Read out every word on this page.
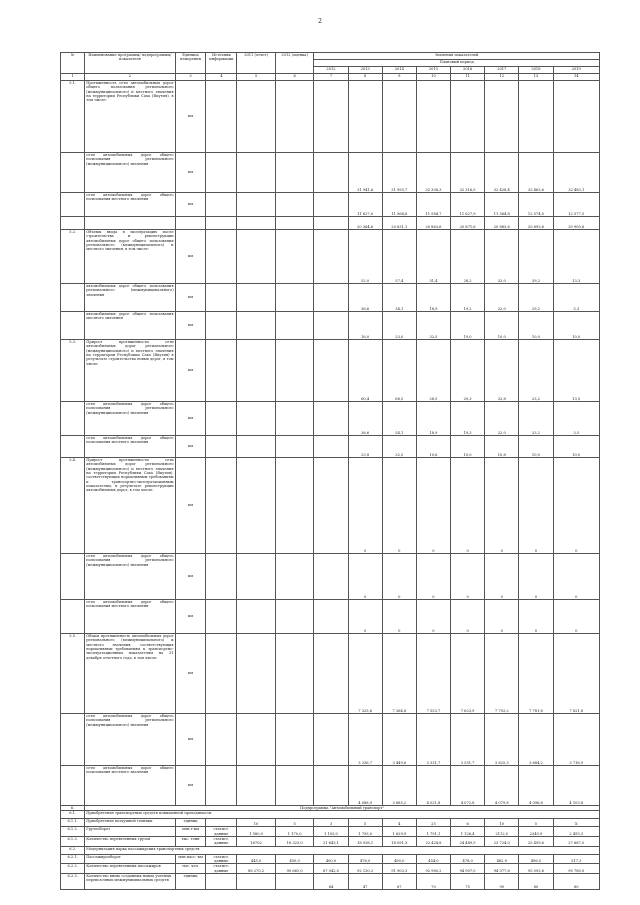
2
№	Наименование программы/ подпрограммы/ показателя	Единица измерения	Источник информации	2011 (отчет)	2012 (оценка)	Значения показателей							
						Плановый период							
						2012	2013	2014	2015	2016	2017	2018	2019
1	2	3	4	5	6	7	8	9	10	11	12	13	14
5.1.	Протяженность сети автомобильных дорог общего пользования регионального (межмуниципального) и местного значения на территории Республики Саха (Якутия), в том числе:	км											
	сети автомобильных дорог общего пользования регионального (межмуниципального) значения	км					31 941,6	31 993,7	32 308,3	32 316,5	32 428,4	32 463,6	32 483,1
	сети автомобильных дорог общего пользования местного значения	км					11 627,0	11 564,6	11 584,7	11 627,9	11 564,8	12 574,0	12 577,5
							20 364,6	20 831,1	20 863,6	20 871,6	20 883,6	20 893,6	20 905,6
5.2.	Объемы ввода в эксплуатацию после строительства и реконструкции автомобильных дорог общего пользования регионального (межмуниципального) и местного значения, в том числе:	км					52,0	57,4	51,4	28,2	32,0	39,2	13,3
	автомобильных дорог общего пользования регионального (межмуниципального) значения	км					36,6	34,1	18,9	19,2	22,0	29,2	3,3
	автомобильных дорог общего пользования местного значения	км					16,0	23,0	32,5	19,0	10,0	10,0	10,0
5.3.	Прирост протяженности сети автомобильных дорог регионального (межмуниципального) и местного значения на территории Республики Саха (Якутия) в результате строительства новых дорог, в том числе:	км					60,4	66,5	28,5	29,3	32,8	23,2	13,5
	сети автомобильных дорог общего пользования регионального (межмуниципального) значения	км					36,6	54,1	18,9	19,3	22,0	23,2	3,5
	сети автомобильных дорог общего пользования местного значения	км					23,8	32,5	10,6	10,0	10,8	10,0	10,0
5.4.	Прирост протяженности сети автомобильных дорог регионального (межмуниципального) и местного значения на территории Республики Саха (Якутия), соответствующих нормативным требованиям к транспортно-эксплуатационным показателям, в результате реконструкции автомобильных дорог, в том числе:	км					0	0	0	0	0	0	0
	сети автомобильных дорог общего пользования регионального (межмуниципального) значения	км					0	0	0	0	0	0	0
	сети автомобильных дорог общего пользования местного значения	км					0	0	0	0	0	0	0
5.5.	Общая протяженность автомобильных дорог регионального (межмуниципального) и местного значения, соответствующих нормативным требованиям к транспортно-эксплуатационным показателям на 31 декабря отчетного года, в том числе:	км					7 325,6	7 264,8	7 553,7	7 623,9	7 703,2	7 781,8	7 821,8
	сети автомобильных дорог общего пользования регионального (межмуниципального) значения	км					3 236,7	3 449,6	3 331,7	3 551,7	3 625,3	3 684,2	3 716,9
	сети автомобильных дорог общего пользования местного значения	км					4 088,9	3 885,2	4 021,8	4 072,8	4 079,8	4 096,8	4 103,8
6.	Подпрограмма "Автомобильный транспорт"												
6.1.	Приобретение транспортных средств повышенной проходимости												
6.1.1.	Приобретение воздушной техники	единиц		10	5	3	5	4	25	6	10	5	X
6.1.2.	Грузооборот	млн.т-км	статист. данные	1 580,0	1 170,0	1 105,0	1 793,0	1 629,9	1 791,1	1 126,4	2112,5	2345,9	2 455,3
6.1.3.	Количество перевезенных грузов	тыс. тонн	статист. данные	16702	18 323,0	21 643,1	18 938,1	18 091,3	22 424,8	24 489,5	23 724,0	25 459,6	27 687,0
6.2.	Модернизация парка пассажирских транспортных средств												
6.2.1.	Пассажирооборот	млн.пасс.-км	статист. данные	445,0	450,0	400,0	476,0	485,0	454,0	478,0	482,9	496,5	517,3
6.2.2.	Количество перевезенных пассажиров	тыс. чел.	статист. данные	88 270,2	90 661,0	87 042,0	92 130,2	91 903,3	92 980,2	94 907,0	94 077,8	95 093,6	95 780,0
6.2.3.	Количество вновь созданных новых учетных перевозочных межмуниципальных средств	единиц				64	47	67	70	75	90	80	80
